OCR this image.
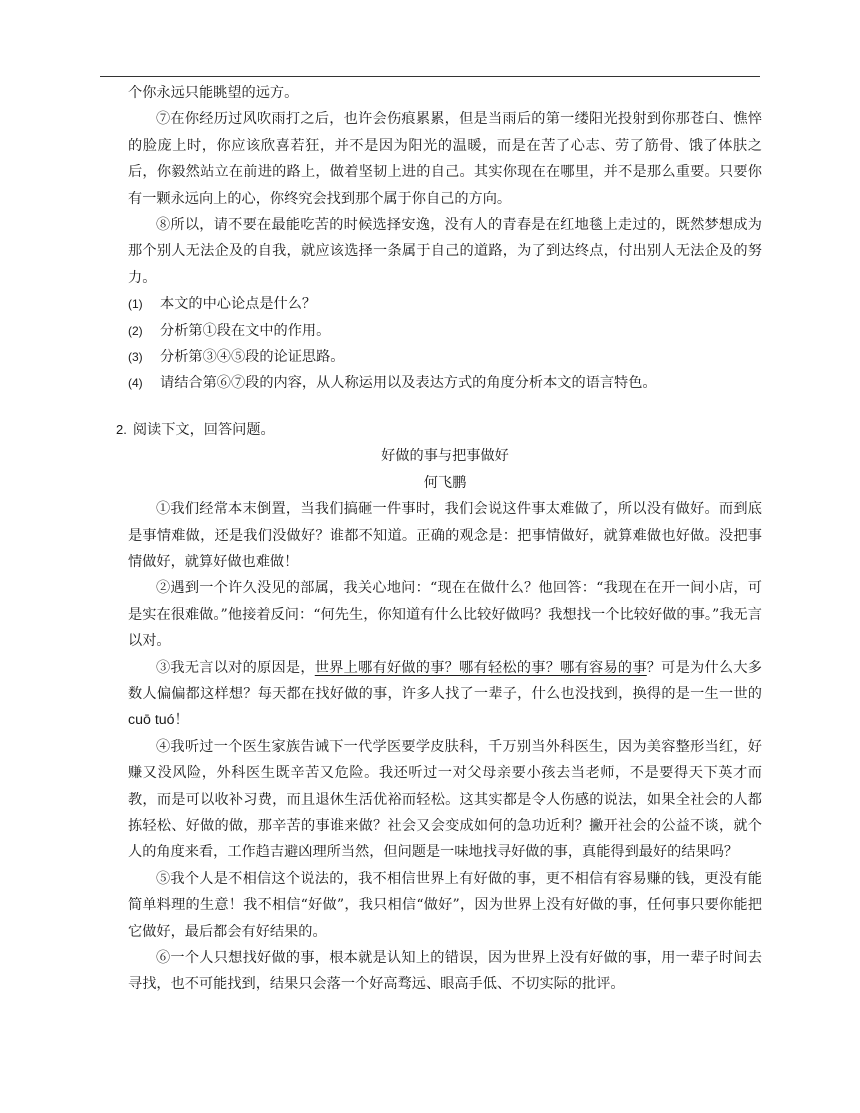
个你永远只能眺望的远方。

⑦在你经历过风吹雨打之后，也许会伤痕累累，但是当雨后的第一缕阳光投射到你那苍白、憔悴的脸庞上时，你应该欣喜若狂，并不是因为阳光的温暖，而是在苦了心志、劳了筋骨、饿了体肤之后，你毅然站立在前进的路上，做着坚韧上进的自己。其实你现在在哪里，并不是那么重要。只要你有一颗永远向上的心，你终究会找到那个属于你自己的方向。

⑧所以，请不要在最能吃苦的时候选择安逸，没有人的青春是在红地毯上走过的，既然梦想成为那个别人无法企及的自我，就应该选择一条属于自己的道路，为了到达终点，付出别人无法企及的努力。

(1)	本文的中心论点是什么？
(2)	分析第①段在文中的作用。
(3)	分析第③④⑤段的论证思路。
(4)	请结合第⑥⑦段的内容，从人称运用以及表达方式的角度分析本文的语言特色。
2. 阅读下文，回答问题。

好做的事与把事做好

何飞鹏

①我们经常本末倒置，当我们搞砸一件事时，我们会说这件事太难做了，所以没有做好。而到底是事情难做，还是我们没做好？谁都不知道。正确的观念是：把事情做好，就算难做也好做。没把事情做好，就算好做也难做！

②遇到一个许久没见的部属，我关心地问：“现在在做什么？他回答：“我现在在开一间小店，可是实在很难做。”他接着反问：“何先生，你知道有什么比较好做吗？我想找一个比较好做的事。”我无言以对。

③我无言以对的原因是，世界上哪有好做的事？哪有轻松的事？哪有容易的事？可是为什么大多数人偏偏都这样想？每天都在找好做的事，许多人找了一辈子，什么也没找到，换得的是一生一世的 cuō tuó！

④我听过一个医生家族告诫下一代学医要学皮肤科，千万别当外科医生，因为美容整形当红，好赚又没风险，外科医生既辛苦又危险。我还听过一对父母亲要小孩去当老师，不是要得天下英才而教，而是可以收补习费，而且退休生活优裕而轻松。这其实都是令人伤感的说法，如果全社会的人都拣轻松、好做的做，那辛苦的事谁来做？社会又会变成如何的急功近利？撇开社会的公益不谈，就个人的角度来看，工作趋吉避凶理所当然，但问题是一味地找寻好做的事，真能得到最好的结果吗？

⑤我个人是不相信这个说法的，我不相信世界上有好做的事，更不相信有容易赚的钱，更没有能简单料理的生意！我不相信“好做”，我只相信“做好”，因为世界上没有好做的事，任何事只要你能把它做好，最后都会有好结果的。

⑥一个人只想找好做的事，根本就是认知上的错误，因为世界上没有好做的事，用一辈子时间去寻找，也不可能找到，结果只会落一个好高骛远、眼高手低、不切实际的批评。
